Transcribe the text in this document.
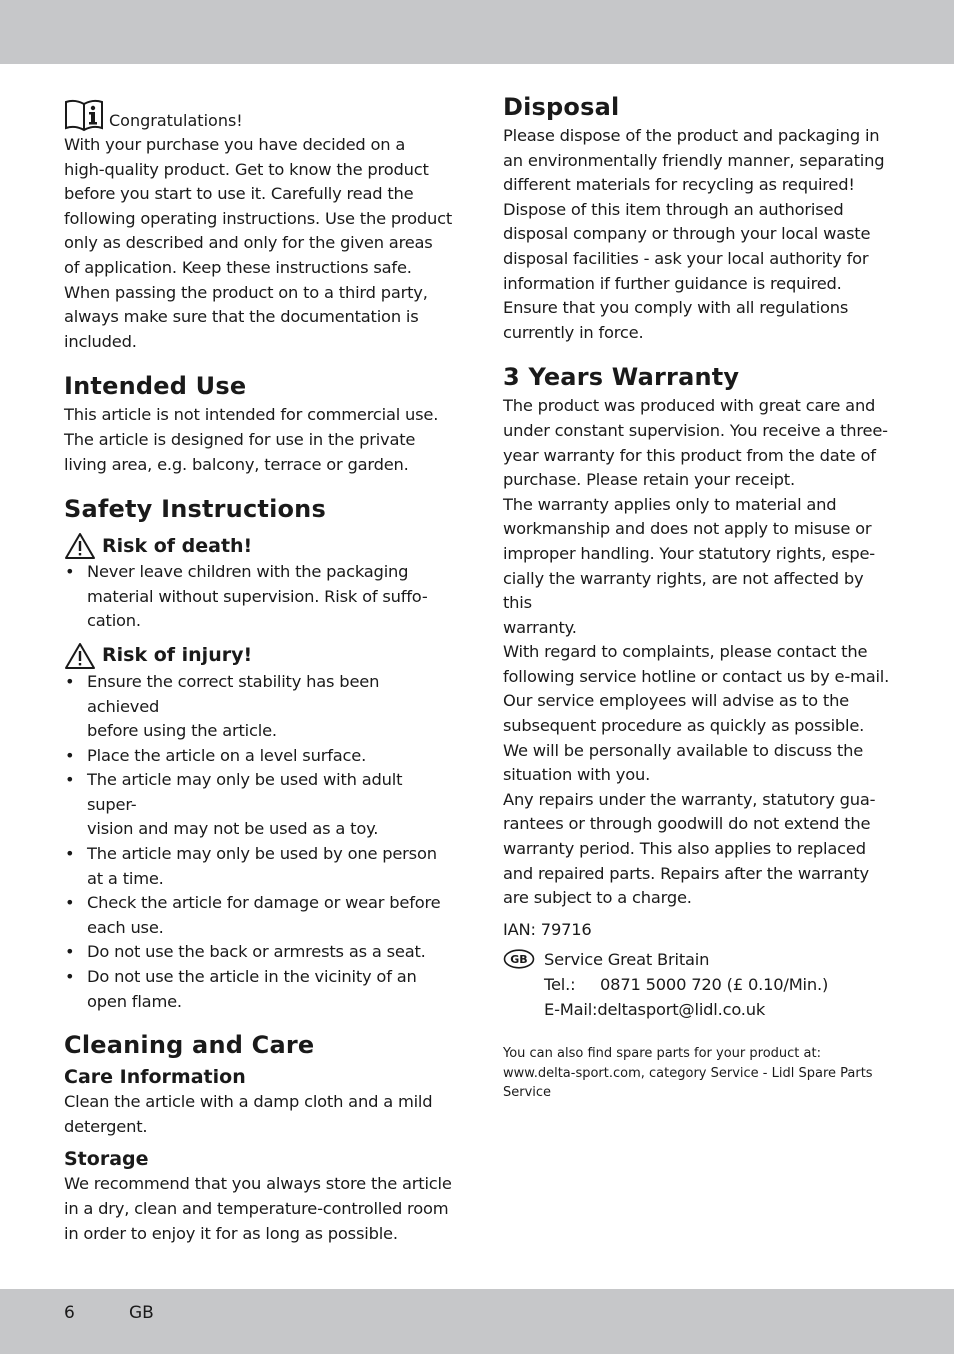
Congratulations!
With your purchase you have decided on a
high-quality product. Get to know the product
before you start to use it. Carefully read the
following operating instructions. Use the product
only as described and only for the given areas
of application. Keep these instructions safe.
When passing the product on to a third party,
always make sure that the documentation is
included.
Intended Use
This article is not intended for commercial use.
The article is designed for use in the private
living area, e.g. balcony, terrace or garden.
Safety Instructions
Risk of death!
• Never leave children with the packaging
material without supervision. Risk of suffo-
cation.
Risk of injury!
• Ensure the correct stability has been achieved
before using the article.
• Place the article on a level surface.
• The article may only be used with adult super-
vision and may not be used as a toy.
• The article may only be used by one person
at a time.
• Check the article for damage or wear before
each use.
• Do not use the back or armrests as a seat.
• Do not use the article in the vicinity of an
open flame.
Cleaning and Care
Care Information
Clean the article with a damp cloth and a mild
detergent.
Storage
We recommend that you always store the article
in a dry, clean and temperature-controlled room
in order to enjoy it for as long as possible.
Disposal
Please dispose of the product and packaging in
an environmentally friendly manner, separating
different materials for recycling as required!
Dispose of this item through an authorised
disposal company or through your local waste
disposal facilities - ask your local authority for
information if further guidance is required.
Ensure that you comply with all regulations
currently in force.
3 Years Warranty
The product was produced with great care and
under constant supervision. You receive a three-
year warranty for this product from the date of
purchase. Please retain your receipt.
The warranty applies only to material and
workmanship and does not apply to misuse or
improper handling. Your statutory rights, espe-
cially the warranty rights, are not affected by this
warranty.
With regard to complaints, please contact the
following service hotline or contact us by e-mail.
Our service employees will advise as to the
subsequent procedure as quickly as possible.
We will be personally available to discuss the
situation with you.
Any repairs under the warranty, statutory gua-
rantees or through goodwill do not extend the
warranty period. This also applies to replaced
and repaired parts. Repairs after the warranty
are subject to a charge.
IAN: 79716
GB Service Great Britain
Tel.:	0871 5000 720 (£ 0.10/Min.)
E-Mail:deltasport@lidl.co.uk
You can also find spare parts for your product at:
www.delta-sport.com, category Service - Lidl Spare Parts
Service
6	GB
